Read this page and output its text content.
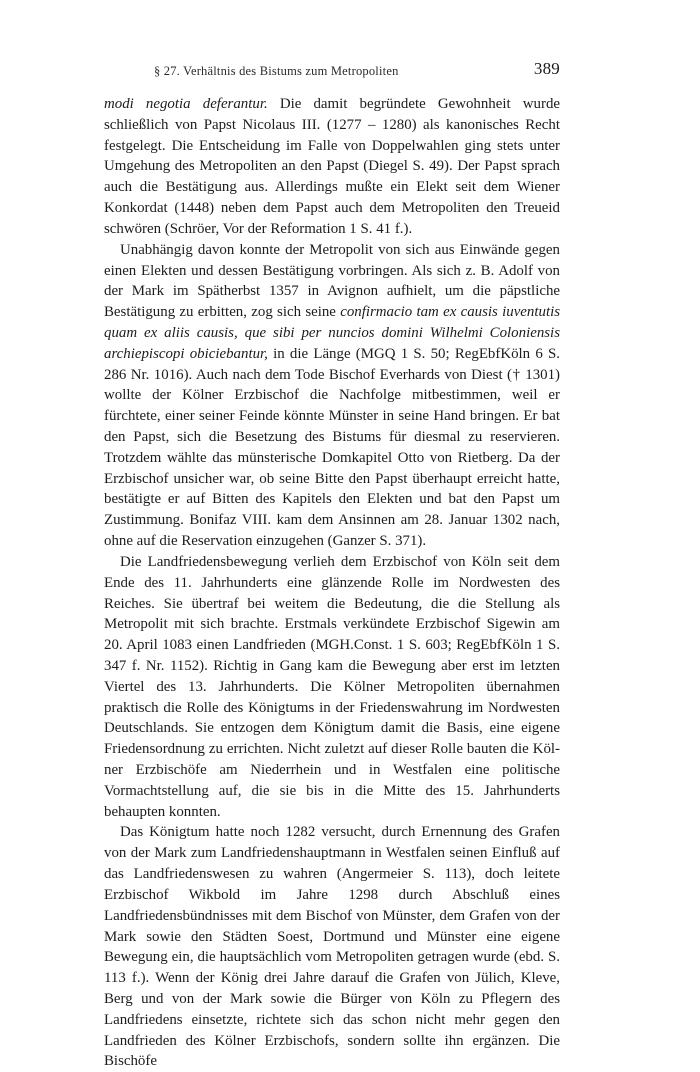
§ 27. Verhältnis des Bistums zum Metropoliten	389

modi negotia deferantur. Die damit begründete Gewohnheit wurde schließlich von Papst Nicolaus III. (1277 – 1280) als kanonisches Recht festgelegt. Die Entscheidung im Falle von Doppelwahlen ging stets unter Umgehung des Metropoliten an den Papst (Diegel S. 49). Der Papst sprach auch die Bestätigung aus. Allerdings mußte ein Elekt seit dem Wiener Konkordat (1448) neben dem Papst auch dem Metropoliten den Treueid schwören (Schröer, Vor der Reformation 1 S. 41 f.).

Unabhängig davon konnte der Metropolit von sich aus Einwände gegen einen Elekten und dessen Bestätigung vorbringen. Als sich z. B. Adolf von der Mark im Spätherbst 1357 in Avignon aufhielt, um die päpstliche Bestätigung zu erbitten, zog sich seine confirmacio tam ex causis iuventutis quam ex aliis causis, que sibi per nuncios domini Wilhelmi Coloniensis archiepiscopi obiciebantur, in die Länge (MGQ 1 S. 50; RegEbfKöln 6 S. 286 Nr. 1016). Auch nach dem Tode Bischof Everhards von Diest († 1301) wollte der Kölner Erzbischof die Nachfolge mitbestimmen, weil er fürchtete, einer seiner Feinde könnte Münster in seine Hand bringen. Er bat den Papst, sich die Besetzung des Bistums für diesmal zu reservieren. Trotzdem wählte das münsterische Domkapitel Otto von Rietberg. Da der Erzbischof unsicher war, ob seine Bitte den Papst überhaupt erreicht hatte, bestätigte er auf Bitten des Kapitels den Elekten und bat den Papst um Zustimmung. Bonifaz VIII. kam dem Ansinnen am 28. Januar 1302 nach, ohne auf die Reservation einzugehen (Ganzer S. 371).

Die Landfriedensbewegung verlieh dem Erzbischof von Köln seit dem Ende des 11. Jahrhunderts eine glänzende Rolle im Nordwesten des Reiches. Sie übertraf bei weitem die Bedeutung, die die Stellung als Metropolit mit sich brachte. Erstmals verkündete Erzbischof Sigewin am 20. April 1083 einen Landfrieden (MGH.Const. 1 S. 603; RegEbfKöln 1 S. 347 f. Nr. 1152). Richtig in Gang kam die Bewegung aber erst im letzten Viertel des 13. Jahrhunderts. Die Kölner Metropoliten übernahmen praktisch die Rolle des Königtums in der Friedenswahrung im Nordwesten Deutschlands. Sie entzogen dem Königtum damit die Basis, eine eigene Friedensordnung zu errichten. Nicht zuletzt auf dieser Rolle bauten die Kölner Erzbischöfe am Niederrhein und in Westfalen eine politische Vormachtstellung auf, die sie bis in die Mitte des 15. Jahrhunderts behaupten konnten.

Das Königtum hatte noch 1282 versucht, durch Ernennung des Grafen von der Mark zum Landfriedenshauptmann in Westfalen seinen Einfluß auf das Landfriedenswesen zu wahren (Angermeier S. 113), doch leitete Erzbischof Wikbold im Jahre 1298 durch Abschluß eines Landfriedensbündnisses mit dem Bischof von Münster, dem Grafen von der Mark sowie den Städten Soest, Dortmund und Münster eine eigene Bewegung ein, die hauptsächlich vom Metropoliten getragen wurde (ebd. S. 113 f.). Wenn der König drei Jahre darauf die Grafen von Jülich, Kleve, Berg und von der Mark sowie die Bürger von Köln zu Pflegern des Landfriedens einsetzte, richtete sich das schon nicht mehr gegen den Landfrieden des Kölner Erzbischofs, sondern sollte ihn ergänzen. Die Bischöfe
